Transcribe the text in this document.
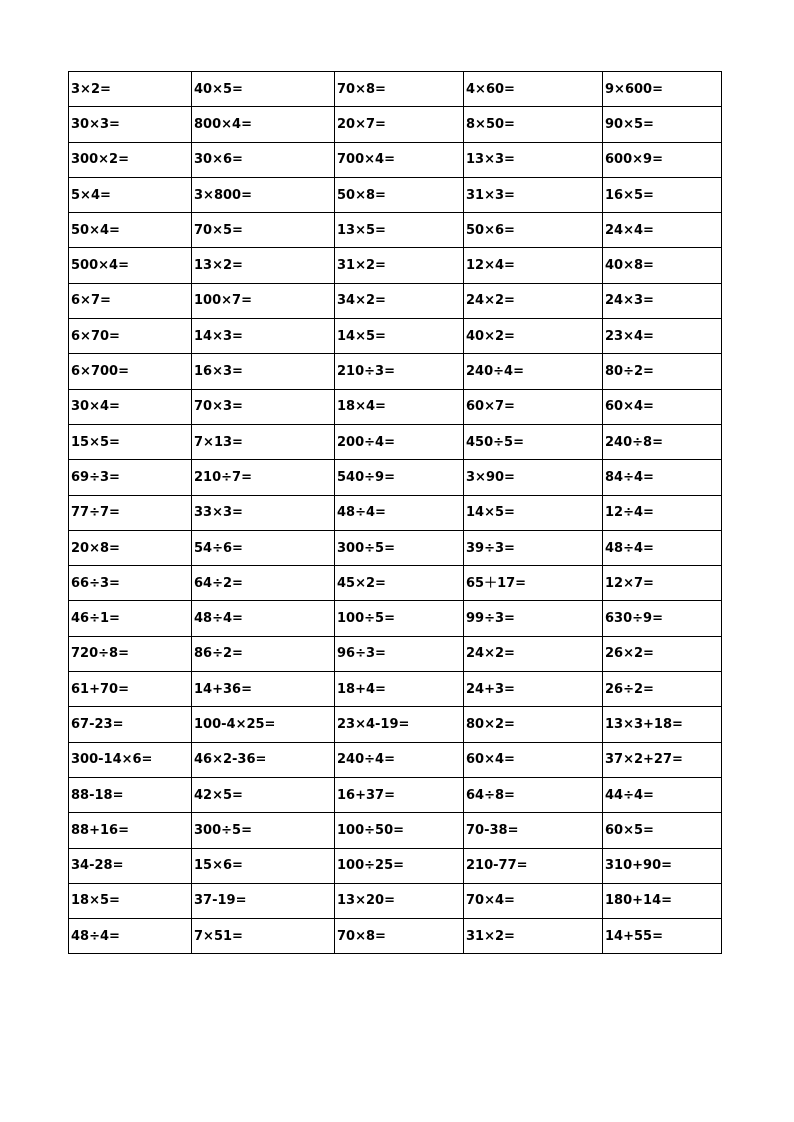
3×2=	40×5=	70×8=	4×60=	9×600=
30×3=	800×4=	20×7=	8×50=	90×5=
300×2=	30×6=	700×4=	13×3=	600×9=
5×4=	3×800=	50×8=	31×3=	16×5=
50×4=	70×5=	13×5=	50×6=	24×4=
500×4=	13×2=	31×2=	12×4=	40×8=
6×7=	100×7=	34×2=	24×2=	24×3=
6×70=	14×3=	14×5=	40×2=	23×4=
6×700=	16×3=	210÷3=	240÷4=	80÷2=
30×4=	70×3=	18×4=	60×7=	60×4=
15×5=	7×13=	200÷4=	450÷5=	240÷8=
69÷3=	210÷7=	540÷9=	3×90=	84÷4=
77÷7=	33×3=	48÷4=	14×5=	12÷4=
20×8=	54÷6=	300÷5=	39÷3=	48÷4=
66÷3=	64÷2=	45×2=	65＋17=	12×7=
46÷1=	48÷4=	100÷5=	99÷3=	630÷9=
720÷8=	86÷2=	96÷3=	24×2=	26×2=
61+70=	14+36=	18+4=	24+3=	26÷2=
67-23=	100-4×25=	23×4-19=	80×2=	13×3+18=
300-14×6=	46×2-36=	240÷4=	60×4=	37×2+27=
88-18=	42×5=	16+37=	64÷8=	44÷4=
88+16=	300÷5=	100÷50=	70-38=	60×5=
34-28=	15×6=	100÷25=	210-77=	310+90=
18×5=	37-19=	13×20=	70×4=	180+14=
48÷4=	7×51=	70×8=	31×2=	14+55=
